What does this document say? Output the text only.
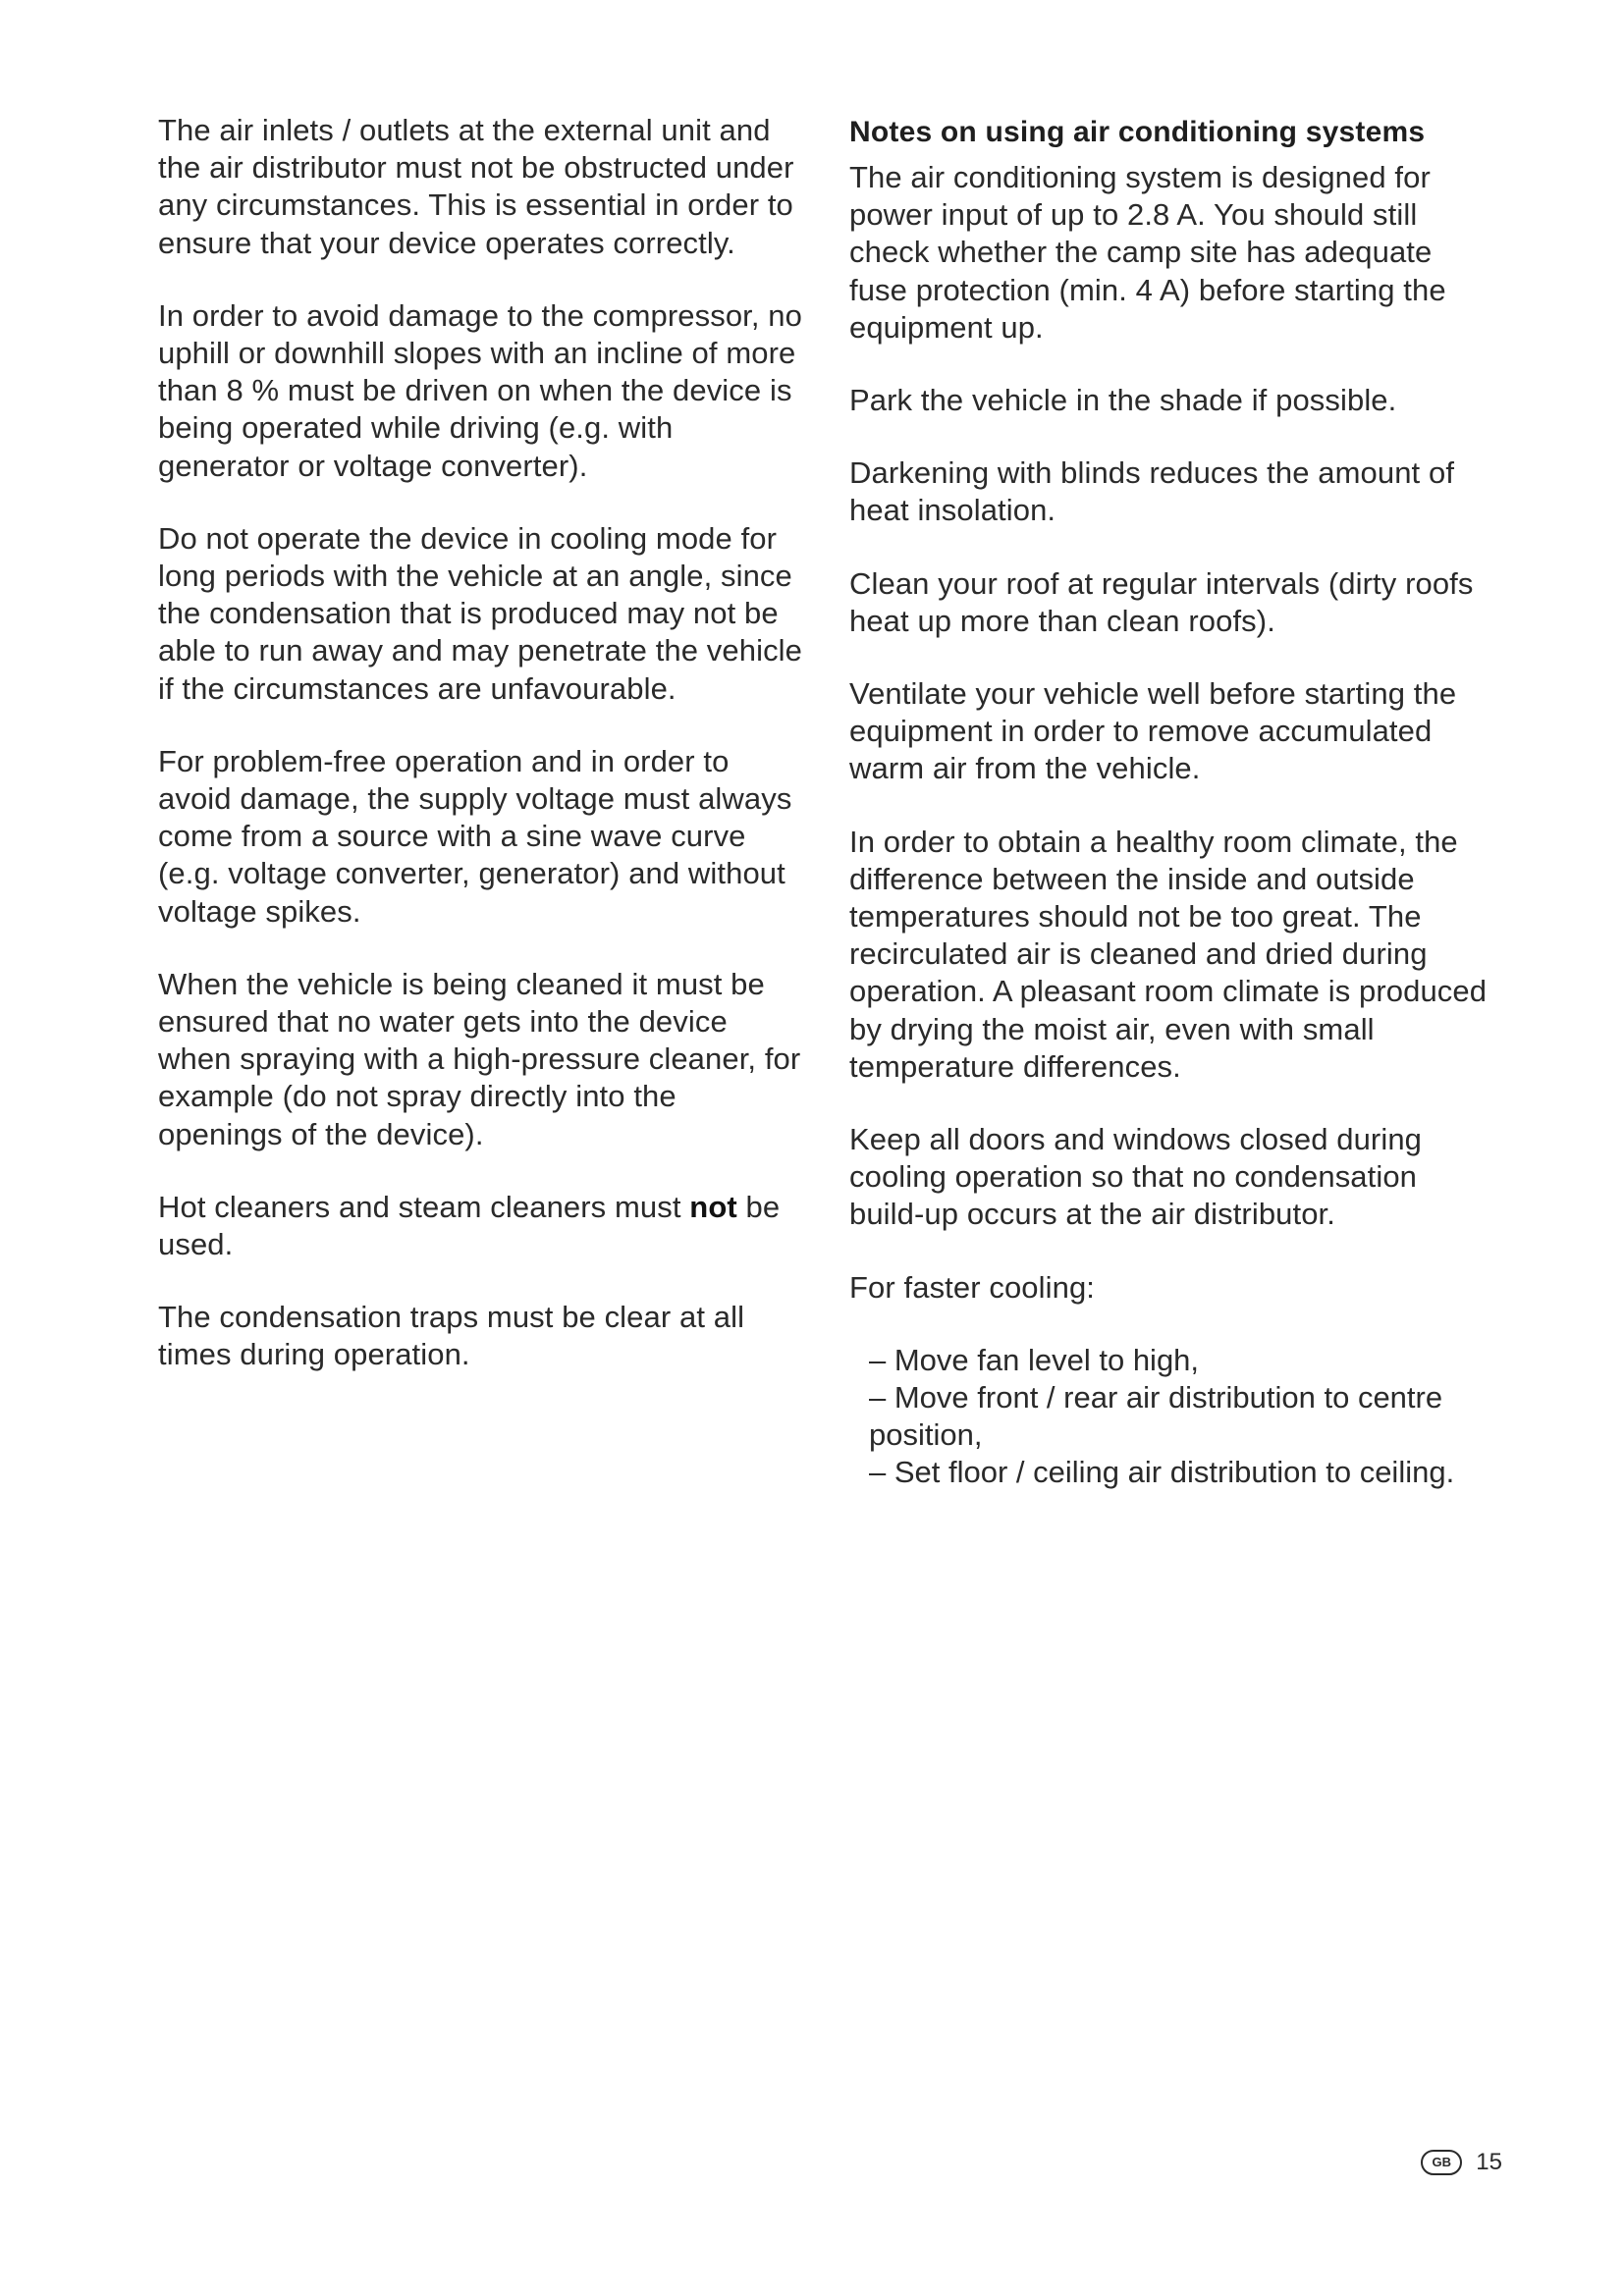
The air inlets / outlets at the external unit and the air distributor must not be obstructed under any circumstances. This is essential in order to ensure that your device operates correctly.

In order to avoid damage to the compressor, no uphill or downhill slopes with an incline of more than 8 % must be driven on when the device is being operated while driving (e.g. with generator or voltage converter).

Do not operate the device in cooling mode for long periods with the vehicle at an angle, since the condensation that is produced may not be able to run away and may penetrate the vehicle if the circumstances are unfavourable.

For problem-free operation and in order to avoid damage, the supply voltage must always come from a source with a sine wave curve (e.g. voltage converter, generator) and without voltage spikes.

When the vehicle is being cleaned it must be ensured that no water gets into the device when spraying with a high-pressure cleaner, for example (do not spray directly into the openings of the device).

Hot cleaners and steam cleaners must not be used.

The condensation traps must be clear at all times during operation.

Notes on using air conditioning systems

The air conditioning system is designed for power input of up to 2.8 A. You should still check whether the camp site has adequate fuse protection (min. 4 A) before starting the equipment up.

Park the vehicle in the shade if possible.

Darkening with blinds reduces the amount of heat insolation.

Clean your roof at regular intervals (dirty roofs heat up more than clean roofs).

Ventilate your vehicle well before starting the equipment in order to remove accumulated warm air from the vehicle.

In order to obtain a healthy room climate, the difference between the inside and outside temperatures should not be too great. The recirculated air is cleaned and dried during operation. A pleasant room climate is produced by drying the moist air, even with small temperature differences.

Keep all doors and windows closed during cooling operation so that no condensation build-up occurs at the air distributor.

For faster cooling:

– Move fan level to high,
– Move front / rear air distribution to centre position,
– Set floor / ceiling air distribution to ceiling.
GB	15
